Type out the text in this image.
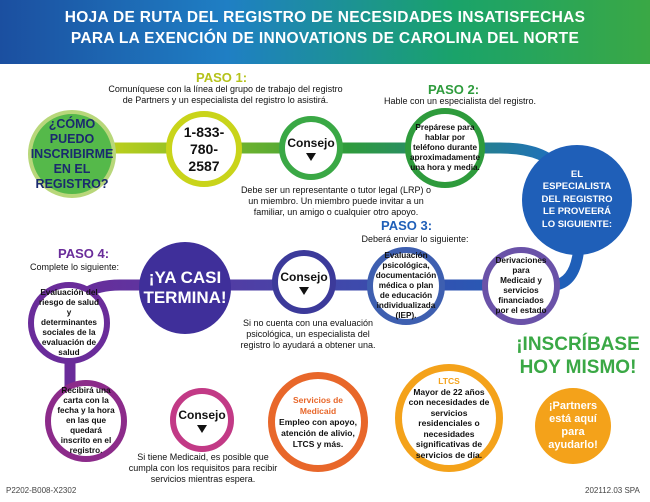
HOJA DE RUTA DEL REGISTRO DE NECESIDADES INSATISFECHAS
PARA LA EXENCIÓN DE INNOVATIONS DE CAROLINA DEL NORTE
¿CÓMO PUEDO INSCRIBIRME EN EL REGISTRO?
PASO 1:
Comuníquese con la línea del grupo de trabajo del registro de Partners y un especialista del registro lo asistirá.
1-833-
780-
2587
Consejo
Debe ser un representante o tutor legal (LRP) o un miembro. Un miembro puede invitar a un familiar, un amigo o cualquier otro apoyo.
PASO 2:
Hable con un especialista del registro.
Prepárese para hablar por teléfono durante aproximadamente una hora y media.
EL ESPECIALISTA DEL REGISTRO LE PROVEERÁ LO SIGUIENTE:
Derivaciones para Medicaid y servicios financiados por el estado
PASO 3:
Deberá enviar lo siguiente:
Evaluación psicológica, documentación médica o plan de educación individualizada (IEP).
Consejo
Si no cuenta con una evaluación psicológica, un especialista del registro lo ayudará a obtener una.
¡YA CASI TERMINA!
PASO 4:
Complete lo siguiente:
Evaluación del riesgo de salud y determinantes sociales de la evaluación de salud
Recibirá una carta con la fecha y la hora en las que quedará inscrito en el registro.
Consejo
Si tiene Medicaid, es posible que cumpla con los requisitos para recibir servicios mientras espera.
Servicios de Medicaid
Empleo con apoyo, atención de alivio, LTCS y más.
LTCS
Mayor de 22 años con necesidades de servicios residenciales o necesidades significativas de servicios de día.
¡INSCRÍBASE
HOY MISMO!
¡Partners está aquí para ayudarlo!
P2202-B008-X2302	202112.03 SPA
